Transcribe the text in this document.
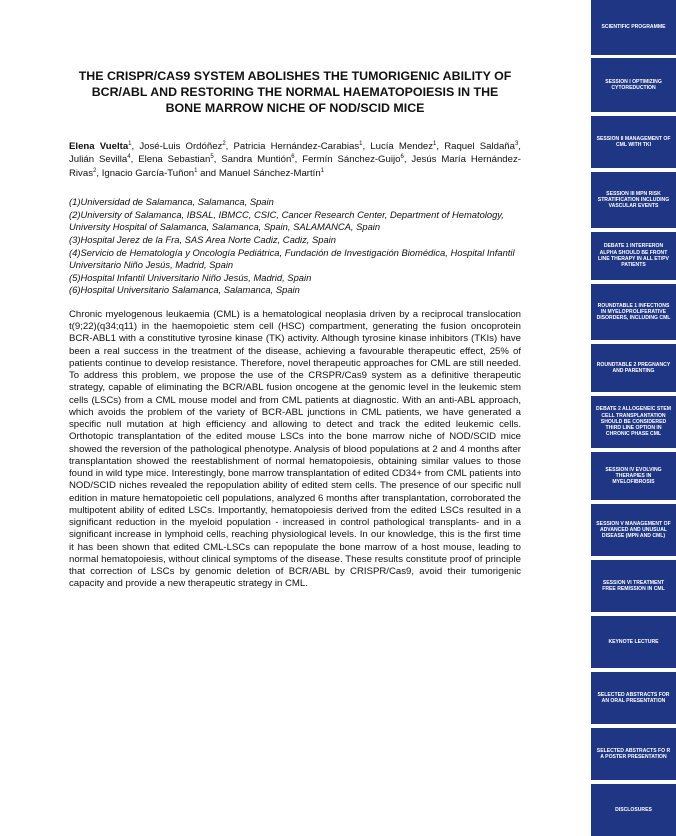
THE CRISPR/CAS9 SYSTEM ABOLISHES THE TUMORIGENIC ABILITY OF BCR/ABL AND RESTORING THE NORMAL HAEMATOPOIESIS IN THE BONE MARROW NICHE OF NOD/SCID MICE
Elena Vuelta$^1$, José-Luis Ordóñez$^2$, Patricia Hernández-Carabias$^1$, Lucía Mendez$^1$, Raquel Saldaña$^3$, Julián Sevilla$^4$, Elena Sebastian$^5$, Sandra Muntión$^6$, Fermín Sánchez-Guijo$^6$, Jesús María Hernández-Rivas$^2$, Ignacio García-Tuñon$^1$ and Manuel Sánchez-Martín$^1$
(1)Universidad de Salamanca, Salamanca, Spain
(2)University of Salamanca, IBSAL, IBMCC, CSIC, Cancer Research Center, Department of Hematology, University Hospital of Salamanca, Salamanca, Spain, SALAMANCA, Spain
(3)Hospital Jerez de la Fra, SAS Area Norte Cadiz, Cadiz, Spain
(4)Servicio de Hematología y Oncología Pediátrica, Fundación de Investigación Biomédica, Hospital Infantil Universitario Niño Jesús, Madrid, Spain
(5)Hospital Infantil Universitario Niño Jesús, Madrid, Spain
(6)Hospital Universitario Salamanca, Salamanca, Spain
Chronic myelogenous leukaemia (CML) is a hematological neoplasia driven by a reciprocal translocation t(9;22)(q34;q11) in the haemopoietic stem cell (HSC) compartment, generating the fusion oncoprotein BCR-ABL1 with a constitutive tyrosine kinase (TK) activity. Although tyrosine kinase inhibitors (TKIs) have been a real success in the treatment of the disease, achieving a favourable therapeutic effect, 25% of patients continue to develop resistance. Therefore, novel therapeutic approaches for CML are still needed. To address this problem, we propose the use of the CRSPR/Cas9 system as a definitive therapeutic strategy, capable of eliminating the BCR/ABL fusion oncogene at the genomic level in the leukemic stem cells (LSCs) from a CML mouse model and from CML patients at diagnostic. With an anti-ABL approach, which avoids the problem of the variety of BCR-ABL junctions in CML patients, we have generated a specific null mutation at high efficiency and allowing to detect and track the edited leukemic cells. Orthotopic transplantation of the edited mouse LSCs into the bone marrow niche of NOD/SCID mice showed the reversion of the pathological phenotype. Analysis of blood populations at 2 and 4 months after transplantation showed the reestablishment of normal hematopoiesis, obtaining similar values to those found in wild type mice. Interestingly, bone marrow transplantation of edited CD34+ from CML patients into NOD/SCID niches revealed the repopulation ability of edited stem cells. The presence of our specific null edition in mature hematopoietic cell populations, analyzed 6 months after transplantation, corroborated the multipotent ability of edited LSCs. Importantly, hematopoiesis derived from the edited LSCs resulted in a significant reduction in the myeloid population - increased in control pathological transplants- and in a significant increase in lymphoid cells, reaching physiological levels. In our knowledge, this is the first time it has been shown that edited CML-LSCs can repopulate the bone marrow of a host mouse, leading to normal hematopoiesis, without clinical symptoms of the disease. These results constitute proof of principle that correction of LSCs by genomic deletion of BCR/ABL by CRISPR/Cas9, avoid their tumorigenic capacity and provide a new therapeutic strategy in CML.
SCIENTIFIC PROGRAMME
SESSION I OPTIMIZING CYTOREDUCTION
SESSION II MANAGEMENT OF CML WITH TKI
SESSION III MPN RISK STRATIFICATION INCLUDING VASCULAR EVENTS
DEBATE 1 INTERFERON ALPHA SHOULD BE FRONT LINE THERAPY IN ALL ET/PV PATIENTS
ROUNDTABLE 1 INFECTIONS IN MYELOPROLIFERATIVE DISORDERS, INCLUDING CML
ROUNDTABLE 2 PREGNANCY AND PARENTING
DEBATE 2 ALLOGENEIC STEM CELL TRANSPLANTATION SHOULD BE CONSIDERED THIRD LINE OPTION IN CHRONIC PHASE CML
SESSION IV EVOLVING THERAPIES IN MYELOFIBROSIS
SESSION V MANAGEMENT OF ADVANCED AND UNUSUAL DISEASE (MPN AND CML)
SESSION VI TREATMENT FREE REMISSION IN CML
KEYNOTE LECTURE
SELECTED ABSTRACTS FOR AN ORAL PRESENTATION
SELECTED ABSTRACTS FO R A POSTER PRESENTATION
DISCLOSURES
